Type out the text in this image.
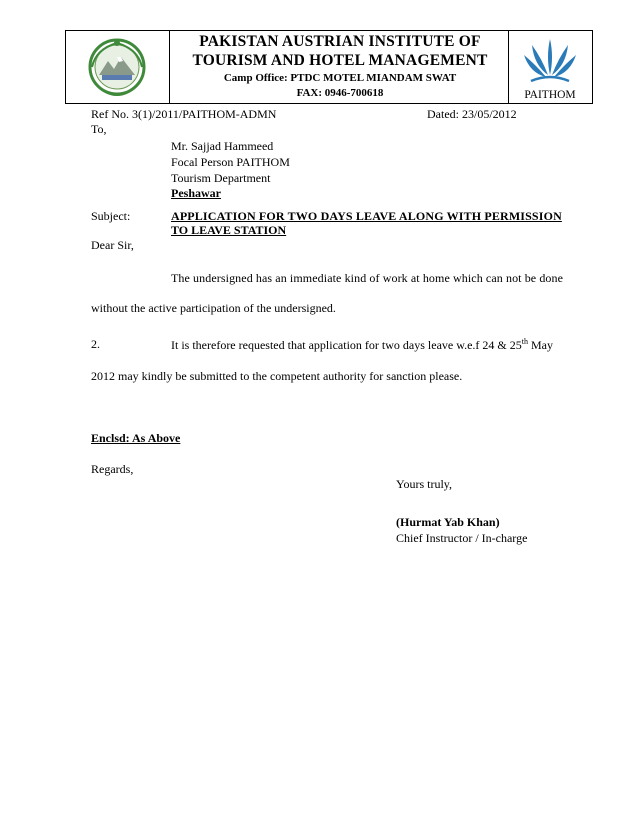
PAKISTAN AUSTRIAN INSTITUTE OF
TOURISM AND HOTEL MANAGEMENT
Camp Office: PTDC MOTEL MIANDAM SWAT
FAX: 0946-700618	PAITHOM
Ref No. 3(1)/2011/PAITHOM-ADMN	Dated: 23/05/2012
To,
Mr. Sajjad Hammeed
Focal Person PAITHOM
Tourism Department
Peshawar
Subject:	APPLICATION FOR TWO DAYS LEAVE ALONG WITH PERMISSION
TO LEAVE STATION
Dear Sir,
The undersigned has an immediate kind of work at home which can not be done
without the active participation of the undersigned.
2.	It is therefore requested that application for two days leave w.e.f 24 & 25th May
2012 may kindly be submitted to the competent authority for sanction please.
Enclsd: As Above
Regards,
Yours truly,
(Hurmat Yab Khan)
Chief Instructor / In-charge
